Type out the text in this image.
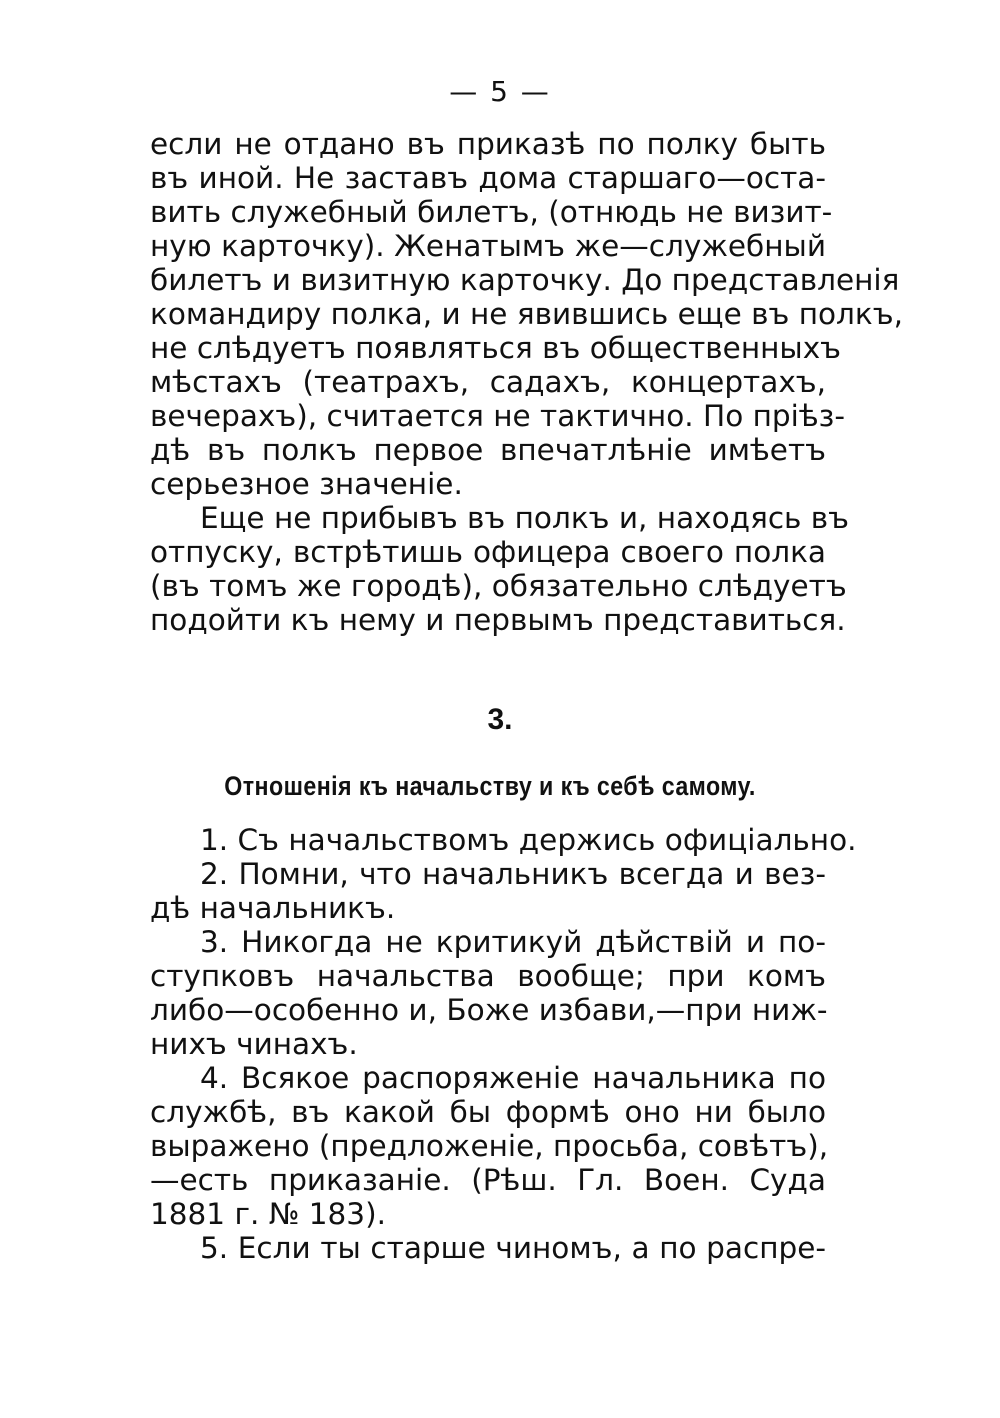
— 5 —
если не отдано въ приказѣ по полку быть
въ иной. Не заставъ дома старшаго—оста-
вить служебный билетъ, (отнюдь не визит-
ную карточку). Женатымъ же—служебный
билетъ и визитную карточку. До представленія
командиру полка, и не явившись еще въ полкъ,
не слѣдуетъ появляться въ общественныхъ
мѣстахъ (театрахъ, садахъ, концертахъ,
вечерахъ), считается не тактично. По пріѣз-
дѣ въ полкъ первое впечатлѣніе имѣетъ
серьезное значеніе.
Еще не прибывъ въ полкъ и, находясь въ
отпуску, встрѣтишь офицера своего полка
(въ томъ же городѣ), обязательно слѣдуетъ
подойти къ нему и первымъ представиться.
3.
Отношенія къ начальству и къ себѣ самому.
1. Съ начальствомъ держись офиціально.
2. Помни, что начальникъ всегда и вез-
дѣ начальникъ.
3. Никогда не критикуй дѣйствій и по-
ступковъ начальства вообще; при комъ
либо—особенно и, Боже избави,—при ниж-
нихъ чинахъ.
4. Всякое распоряженіе начальника по
службѣ, въ какой бы формѣ оно ни было
выражено (предложеніе, просьба, совѣтъ),
—есть приказаніе. (Рѣш. Гл. Воен. Суда
1881 г. № 183).
5. Если ты старше чиномъ, а по распре-
